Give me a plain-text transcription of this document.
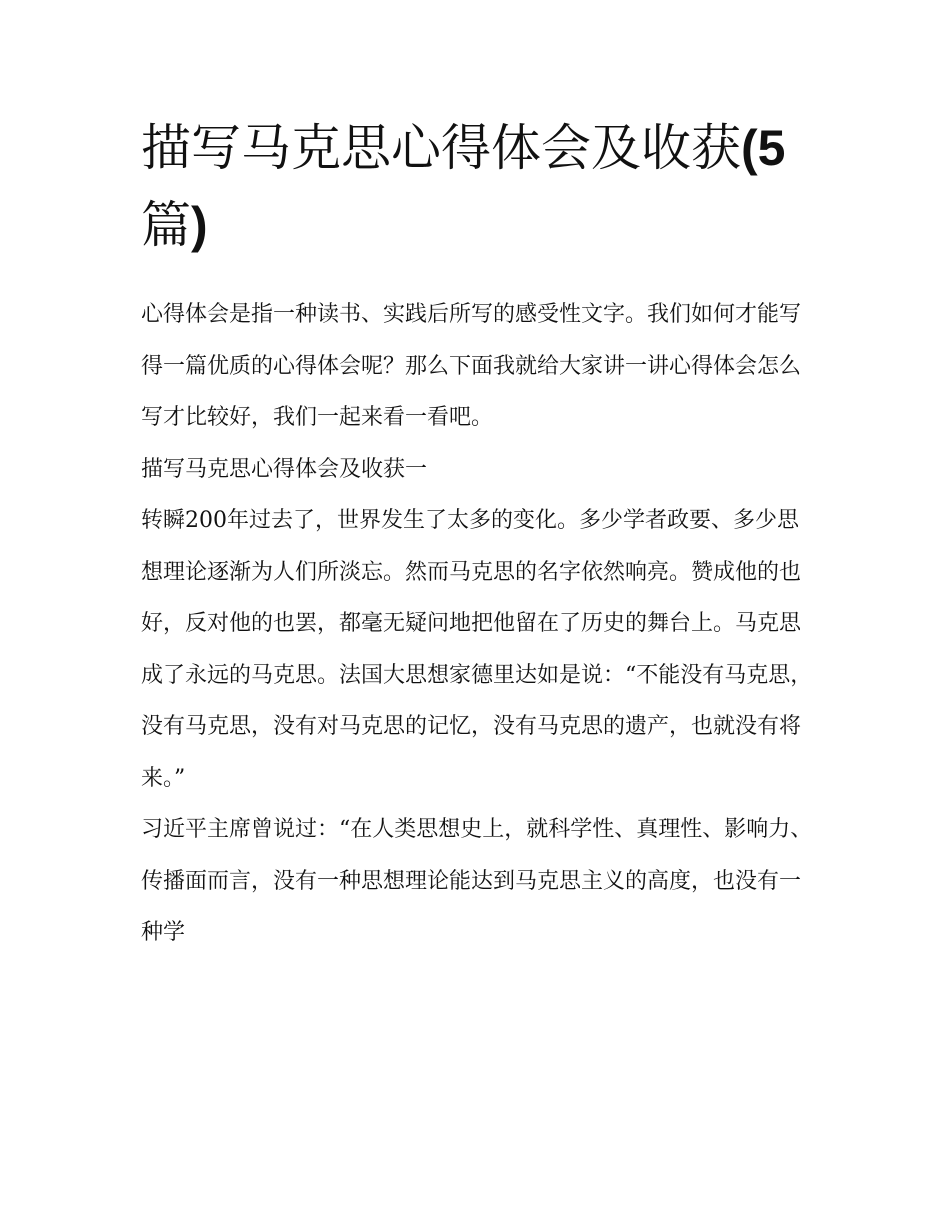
描写马克思心得体会及收获(5
篇)

心得体会是指一种读书、实践后所写的感受性文字。我们如何才能写得一篇优质的心得体会呢？那么下面我就给大家讲一讲心得体会怎么写才比较好，我们一起来看一看吧。

描写马克思心得体会及收获一

转瞬200年过去了，世界发生了太多的变化。多少学者政要、多少思想理论逐渐为人们所淡忘。然而马克思的名字依然响亮。赞成他的也好，反对他的也罢，都毫无疑问地把他留在了历史的舞台上。马克思成了永远的马克思。法国大思想家德里达如是说：“不能没有马克思，没有马克思，没有对马克思的记忆，没有马克思的遗产，也就没有将来。”

习近平主席曾说过：“在人类思想史上，就科学性、真理性、影响力、传播面而言，没有一种思想理论能达到马克思主义的高度，也没有一种学
